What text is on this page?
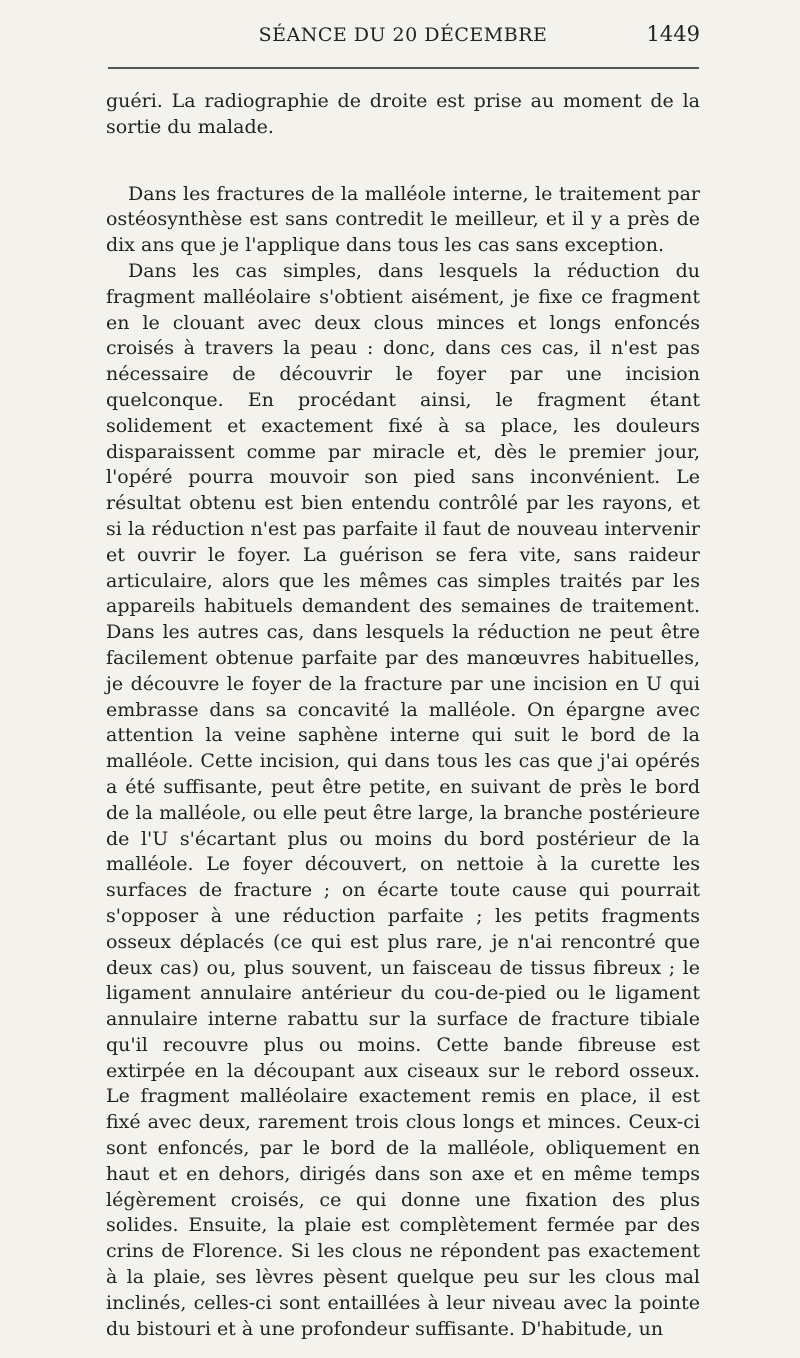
SÉANCE DU 20 DÉCEMBRE	1449

guéri. La radiographie de droite est prise au moment de la sortie du malade.

Dans les fractures de la malléole interne, le traitement par ostéosynthèse est sans contredit le meilleur, et il y a près de dix ans que je l'applique dans tous les cas sans exception.

Dans les cas simples, dans lesquels la réduction du fragment malléolaire s'obtient aisément, je fixe ce fragment en le clouant avec deux clous minces et longs enfoncés croisés à travers la peau : donc, dans ces cas, il n'est pas nécessaire de découvrir le foyer par une incision quelconque. En procédant ainsi, le fragment étant solidement et exactement fixé à sa place, les douleurs disparaissent comme par miracle et, dès le premier jour, l'opéré pourra mouvoir son pied sans inconvénient. Le résultat obtenu est bien entendu contrôlé par les rayons, et si la réduction n'est pas parfaite il faut de nouveau intervenir et ouvrir le foyer. La guérison se fera vite, sans raideur articulaire, alors que les mêmes cas simples traités par les appareils habituels demandent des semaines de traitement. Dans les autres cas, dans lesquels la réduction ne peut être facilement obtenue parfaite par des manœuvres habituelles, je découvre le foyer de la fracture par une incision en U qui embrasse dans sa concavité la malléole. On épargne avec attention la veine saphène interne qui suit le bord de la malléole. Cette incision, qui dans tous les cas que j'ai opérés a été suffisante, peut être petite, en suivant de près le bord de la malléole, ou elle peut être large, la branche postérieure de l'U s'écartant plus ou moins du bord postérieur de la malléole. Le foyer découvert, on nettoie à la curette les surfaces de fracture ; on écarte toute cause qui pourrait s'opposer à une réduction parfaite ; les petits fragments osseux déplacés (ce qui est plus rare, je n'ai rencontré que deux cas) ou, plus souvent, un faisceau de tissus fibreux ; le ligament annulaire antérieur du cou-de-pied ou le ligament annulaire interne rabattu sur la surface de fracture tibiale qu'il recouvre plus ou moins. Cette bande fibreuse est extirpée en la découpant aux ciseaux sur le rebord osseux. Le fragment malléolaire exactement remis en place, il est fixé avec deux, rarement trois clous longs et minces. Ceux-ci sont enfoncés, par le bord de la malléole, obliquement en haut et en dehors, dirigés dans son axe et en même temps légèrement croisés, ce qui donne une fixation des plus solides. Ensuite, la plaie est complètement fermée par des crins de Florence. Si les clous ne répondent pas exactement à la plaie, ses lèvres pèsent quelque peu sur les clous mal inclinés, celles-ci sont entaillées à leur niveau avec la pointe du bistouri et à une profondeur suffisante. D'habitude, un
